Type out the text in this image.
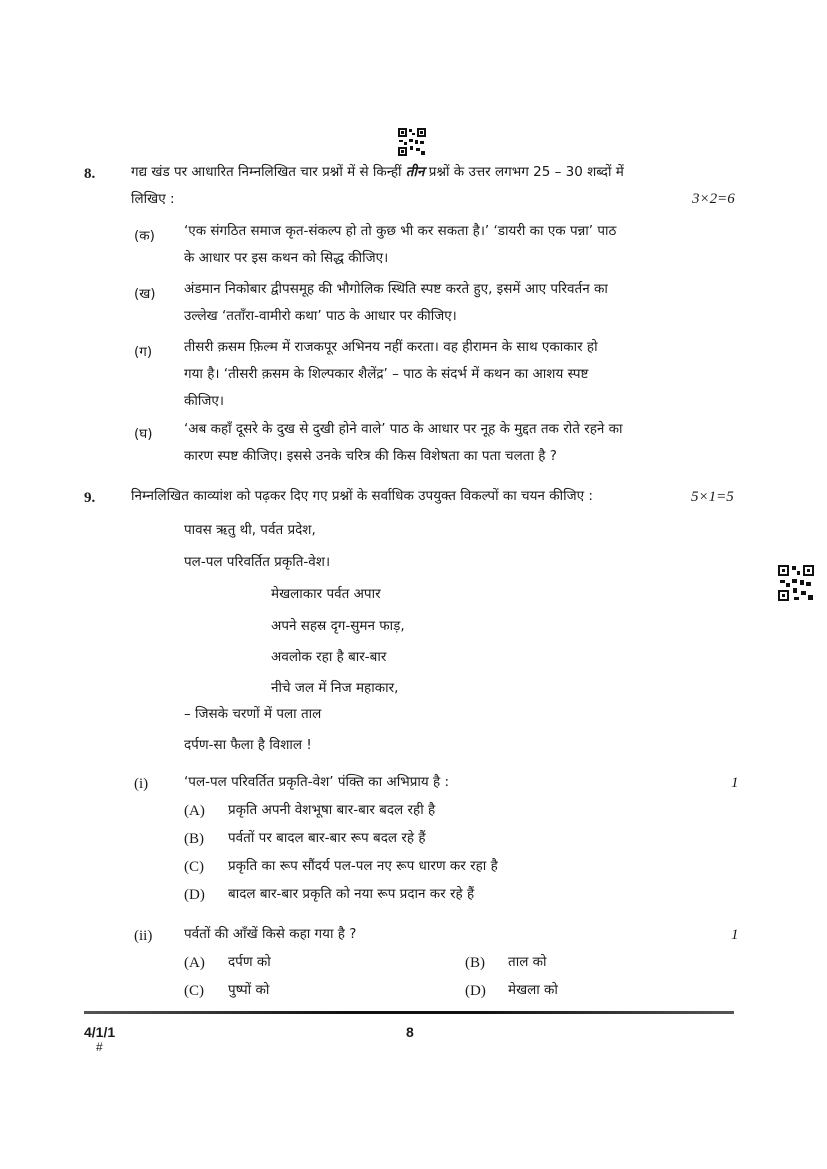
8.	गद्य खंड पर आधारित निम्नलिखित चार प्रश्नों में से किन्हीं तीन प्रश्नों के उत्तर लगभग 25 – 30 शब्दों में
लिखिए :	3×2=6
(क) ‘एक संगठित समाज कृत-संकल्प हो तो कुछ भी कर सकता है।’ ‘डायरी का एक पन्ना’ पाठ
के आधार पर इस कथन को सिद्ध कीजिए।
(ख) अंडमान निकोबार द्वीपसमूह की भौगोलिक स्थिति स्पष्ट करते हुए, इसमें आए परिवर्तन का
उल्लेख ‘तताँरा-वामीरो कथा’ पाठ के आधार पर कीजिए।
(ग) तीसरी क़सम फ़िल्म में राजकपूर अभिनय नहीं करता। वह हीरामन के साथ एकाकार हो
गया है। ‘तीसरी क़सम के शिल्पकार शैलेंद्र’ – पाठ के संदर्भ में कथन का आशय स्पष्ट
कीजिए।
(घ) ‘अब कहाँ दूसरे के दुख से दुखी होने वाले’ पाठ के आधार पर नूह के मुद्दत तक रोते रहने का
कारण स्पष्ट कीजिए। इससे उनके चरित्र की किस विशेषता का पता चलता है ?
9.	निम्नलिखित काव्यांश को पढ़कर दिए गए प्रश्नों के सर्वाधिक उपयुक्त विकल्पों का चयन कीजिए :	5×1=5
पावस ऋतु थी, पर्वत प्रदेश,
पल-पल परिवर्तित प्रकृति-वेश।
मेखलाकार पर्वत अपार
अपने सहस्र दृग-सुमन फाड़,
अवलोक रहा है बार-बार
नीचे जल में निज महाकार,
– जिसके चरणों में पला ताल
दर्पण-सा फैला है विशाल !
(i)	‘पल-पल परिवर्तित प्रकृति-वेश’ पंक्ति का अभिप्राय है :	1
(A) प्रकृति अपनी वेशभूषा बार-बार बदल रही है
(B) पर्वतों पर बादल बार-बार रूप बदल रहे हैं
(C) प्रकृति का रूप सौंदर्य पल-पल नए रूप धारण कर रहा है
(D) बादल बार-बार प्रकृति को नया रूप प्रदान कर रहे हैं
(ii) पर्वतों की आँखें किसे कहा गया है ?	1
(A) दर्पण को	(B) ताल को
(C) पुष्पों को	(D) मेखला को
4/1/1	8
#
